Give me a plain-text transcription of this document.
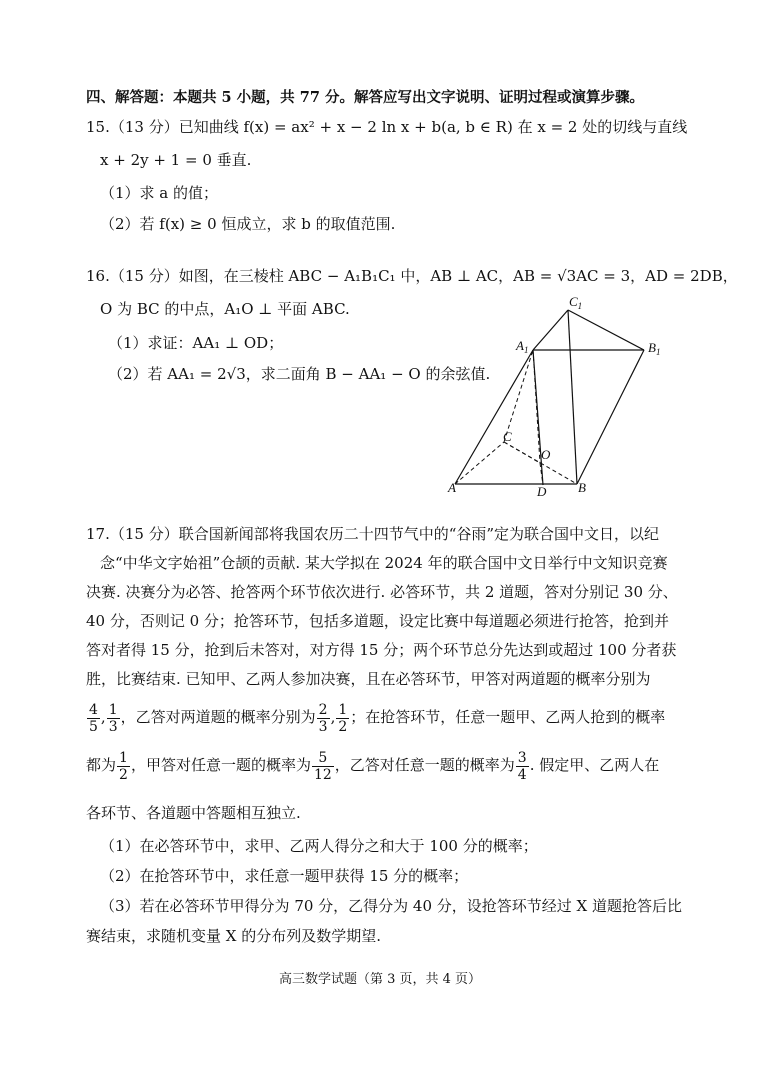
四、解答题：本题共 5 小题，共 77 分。解答应写出文字说明、证明过程或演算步骤。
15.（13 分）已知曲线 f(x) = ax² + x − 2 ln x + b(a, b ∈ R) 在 x = 2 处的切线与直线
x + 2y + 1 = 0 垂直.
（1）求 a 的值；
（2）若 f(x) ≥ 0 恒成立，求 b 的取值范围.
16.（15 分）如图，在三棱柱 ABC − A₁B₁C₁ 中，AB ⊥ AC，AB = √3AC = 3，AD = 2DB，
O 为 BC 的中点，A₁O ⊥ 平面 ABC.
（1）求证：AA₁ ⊥ OD；
（2）若 AA₁ = 2√3，求二面角 B − AA₁ − O 的余弦值.
$C_1$
$A_1$	$B_1$
C
O
A	D B
17.（15 分）联合国新闻部将我国农历二十四节气中的“谷雨”定为联合国中文日，以纪
念“中华文字始祖”仓颉的贡献. 某大学拟在 2024 年的联合国中文日举行中文知识竞赛
决赛. 决赛分为必答、抢答两个环节依次进行. 必答环节，共 2 道题，答对分别记 30 分、
40 分，否则记 0 分；抢答环节，包括多道题，设定比赛中每道题必须进行抢答，抢到并
答对者得 15 分，抢到后未答对，对方得 15 分；两个环节总分先达到或超过 100 分者获
胜，比赛结束. 已知甲、乙两人参加决赛，且在必答环节，甲答对两道题的概率分别为
$\frac{4}{5}$ , $\frac{1}{3}$ ，乙答对两道题的概率分别为 $\frac{2}{3}$ , $\frac{1}{2}$ ；在抢答环节，任意一题甲、乙两人抢到的概率
都为 $\frac{1}{2}$ ，甲答对任意一题的概率为 $\frac{5}{12}$ ，乙答对任意一题的概率为 $\frac{3}{4}$ . 假定甲、乙两人在
各环节、各道题中答题相互独立.
（1）在必答环节中，求甲、乙两人得分之和大于 100 分的概率；
（2）在抢答环节中，求任意一题甲获得 15 分的概率；
（3）若在必答环节甲得分为 70 分，乙得分为 40 分，设抢答环节经过 X 道题抢答后比
赛结束，求随机变量 X 的分布列及数学期望.
高三数学试题（第 3 页，共 4 页）
